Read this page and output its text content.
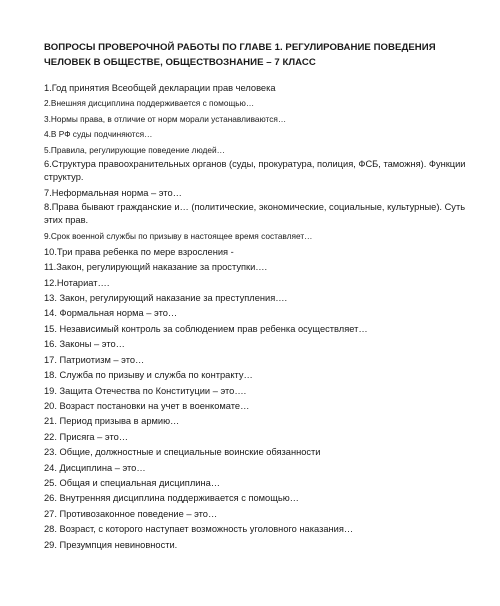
ВОПРОСЫ ПРОВЕРОЧНОЙ РАБОТЫ ПО ГЛАВЕ 1. РЕГУЛИРОВАНИЕ ПОВЕДЕНИЯ ЧЕЛОВЕК В ОБЩЕСТВЕ, ОБЩЕСТВОЗНАНИЕ – 7 КЛАСС
1.Год принятия Всеобщей декларации прав человека
2.Внешняя дисциплина поддерживается с помощью…
3.Нормы права, в отличие от норм морали устанавливаются…
4.В РФ суды подчиняются…
5.Правила, регулирующие поведение людей…
6.Структура правоохранительных органов (суды, прокуратура, полиция, ФСБ, таможня). Функции структур.
7.Неформальная норма – это…
8.Права бывают гражданские и… (политические, экономические, социальные, культурные). Суть этих прав.
9.Срок военной службы по призыву в настоящее время составляет…
10.Три права ребенка по мере взросления -
11.Закон, регулирующий наказание за проступки….
12.Нотариат….
13. Закон, регулирующий наказание за преступления….
14. Формальная норма – это…
15. Независимый контроль за соблюдением прав ребенка осуществляет…
16. Законы – это…
17. Патриотизм – это…
18. Служба по призыву и служба по контракту…
19. Защита Отечества по Конституции – это….
20. Возраст постановки на учет в военкомате…
21. Период призыва в армию…
22. Присяга – это…
23. Общие, должностные и специальные воинские обязанности
24. Дисциплина – это…
25. Общая и специальная дисциплина…
26. Внутренняя дисциплина поддерживается с помощью…
27. Противозаконное поведение – это…
28. Возраст, с которого наступает возможность уголовного наказания…
29. Презумпция невиновности.
